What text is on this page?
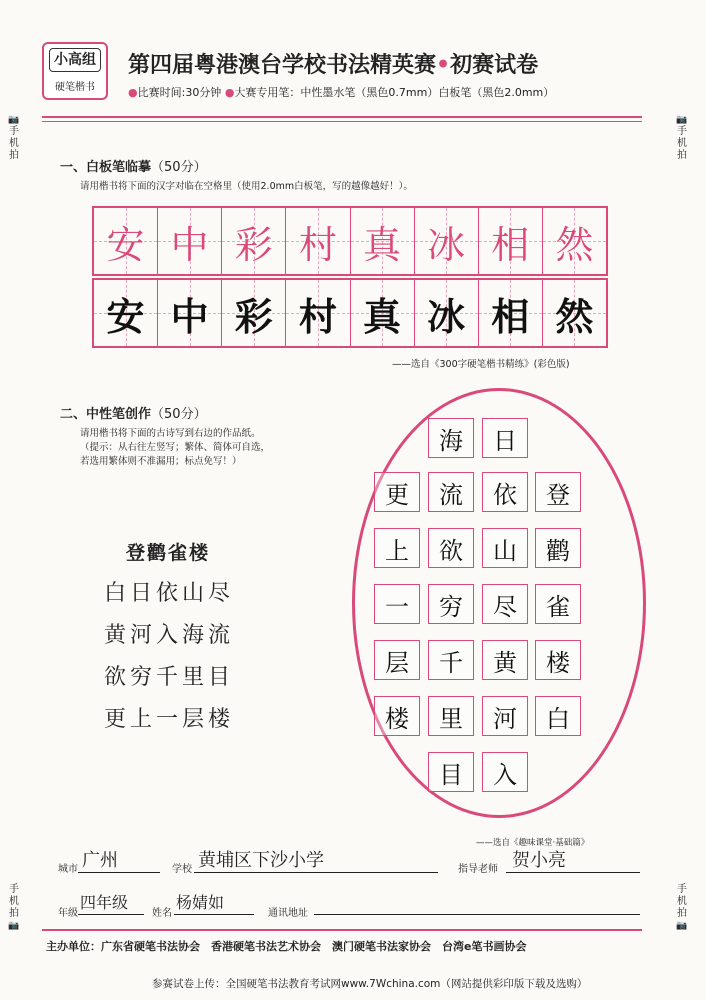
小高组
硬笔楷书
第四届粤港澳台学校书法精英赛•初赛试卷
●比赛时间:30分钟 ●大赛专用笔：中性墨水笔（黑色0.7mm）白板笔（黑色2.0mm）
📷
手机拍
📷
手机拍
手机拍
📷
手机拍
📷
一、白板笔临摹（50分）
请用楷书将下面的汉字对临在空格里（使用2.0mm白板笔，写的越像越好！）。
安 中 彩 村 真 冰 相 然
安 中 彩 村 真 冰 相 然
——选自《300字硬笔楷书精练》(彩色版)
二、中性笔创作（50分）
请用楷书将下面的古诗写到右边的作品纸。
（提示：从右往左竖写；繁体、简体可自选，
若选用繁体则不准漏用；标点免写！）
登鹳雀楼
白日依山尽
黄河入海流
欲穷千里目
更上一层楼
登
鹳
雀
楼
白
日
依
山
尽
黄
河
入
海
流
欲
穷
千
里
目
更
上
一
层
楼
——选自《趣味课堂·基础篇》
城市 广州	学校 黄埔区下沙小学	指导老师 贺小亮
年级
四年级
姓名
杨婧如
通讯地址
主办单位：广东省硬笔书法协会　香港硬笔书法艺术协会　澳门硬笔书法家协会　台湾e笔书画协会
参赛试卷上传：全国硬笔书法教育考试网www.7Wchina.com（网站提供彩印版下载及选购）
